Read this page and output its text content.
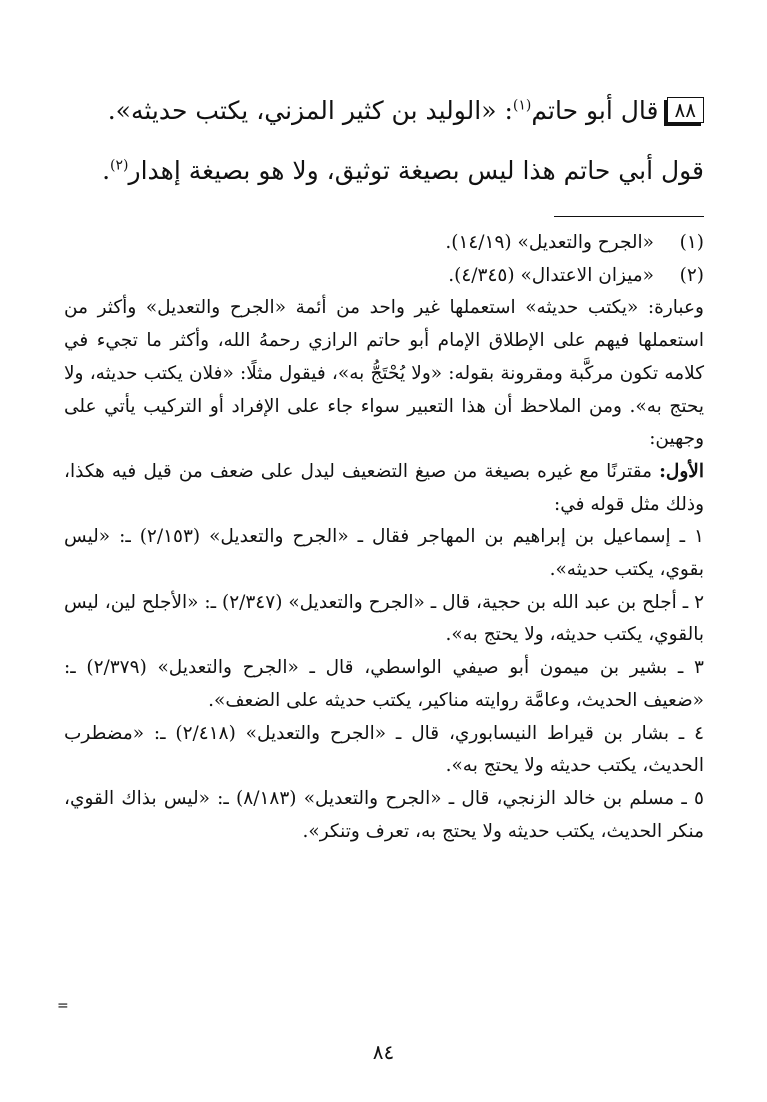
٨٨قال أبو حاتم$^{(١)}$: «الوليد بن كثير المزني، يكتب حديثه».

قول أبي حاتم هذا ليس بصيغة توثيق، ولا هو بصيغة إهدار$^{(٢)}$.

(١)
«الجرح والتعديل» (١٤/١٩).
(٢)
«ميزان الاعتدال» (٤/٣٤٥).

وعبارة: «يكتب حديثه» استعملها غير واحد من أئمة «الجرح والتعديل» وأكثر من استعملها فيهم على الإطلاق الإمام أبو حاتم الرازي رحمهُ الله، وأكثر ما تجيء في كلامه تكون مركَّبة ومقرونة بقوله: «ولا يُحْتَجُّ به»، فيقول مثلًا: «فلان يكتب حديثه، ولا يحتج به». ومن الملاحظ أن هذا التعبير سواء جاء على الإفراد أو التركيب يأتي على وجهين:

الأول: مقترنًا مع غيره بصيغة من صيغ التضعيف ليدل على ضعف من قيل فيه هكذا، وذلك مثل قوله في:

١ ـ إسماعيل بن إبراهيم بن المهاجر فقال ـ «الجرح والتعديل» (٢/١٥٣) ـ: «ليس بقوي، يكتب حديثه».

٢ ـ أجلح بن عبد الله بن حجية، قال ـ «الجرح والتعديل» (٢/٣٤٧) ـ: «الأجلح لين، ليس بالقوي، يكتب حديثه، ولا يحتج به».

٣ ـ بشير بن ميمون أبو صيفي الواسطي، قال ـ «الجرح والتعديل» (٢/٣٧٩) ـ: «ضعيف الحديث، وعامَّة روايته مناكير، يكتب حديثه على الضعف».

٤ ـ بشار بن قيراط النيسابوري، قال ـ «الجرح والتعديل» (٢/٤١٨) ـ: «مضطرب الحديث، يكتب حديثه ولا يحتج به».

٥ ـ مسلم بن خالد الزنجي، قال ـ «الجرح والتعديل» (٨/١٨٣) ـ: «ليس بذاك القوي، منكر الحديث، يكتب حديثه ولا يحتج به، تعرف وتنكر».

=
٨٤
